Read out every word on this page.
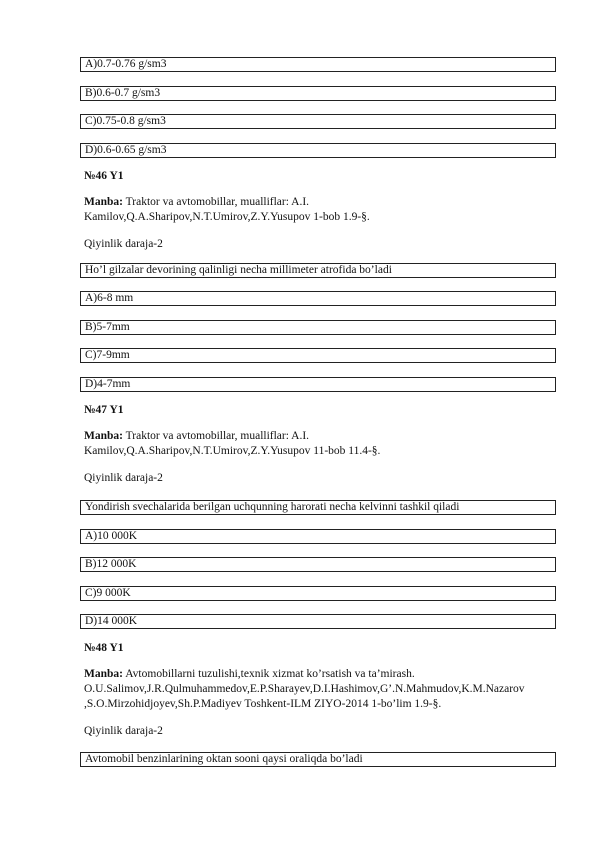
A)0.7-0.76 g/sm3
B)0.6-0.7 g/sm3
C)0.75-0.8 g/sm3
D)0.6-0.65 g/sm3
№46 Y1
Manba: Traktor va avtomobillar, mualliflar: A.I.
Kamilov,Q.A.Sharipov,N.T.Umirov,Z.Y.Yusupov 1-bob 1.9-§.
Qiyinlik daraja-2
Ho’l gilzalar devorining qalinligi necha millimeter atrofida bo’ladi
A)6-8 mm
B)5-7mm
C)7-9mm
D)4-7mm
№47 Y1
Manba: Traktor va avtomobillar, mualliflar: A.I.
Kamilov,Q.A.Sharipov,N.T.Umirov,Z.Y.Yusupov 11-bob 11.4-§.
Qiyinlik daraja-2
Yondirish svechalarida berilgan uchqunning harorati necha kelvinni tashkil qiladi
A)10 000K
B)12 000K
C)9 000K
D)14 000K
№48 Y1
Manba: Avtomobillarni tuzulishi,texnik xizmat ko’rsatish va ta’mirash.
O.U.Salimov,J.R.Qulmuhammedov,E.P.Sharayev,D.I.Hashimov,G’.N.Mahmudov,K.M.Nazarov
,S.O.Mirzohidjoyev,Sh.P.Madiyev Toshkent-ILM ZIYO-2014 1-bo’lim 1.9-§.
Qiyinlik daraja-2
Avtomobil benzinlarining oktan sooni qaysi oraliqda bo’ladi
